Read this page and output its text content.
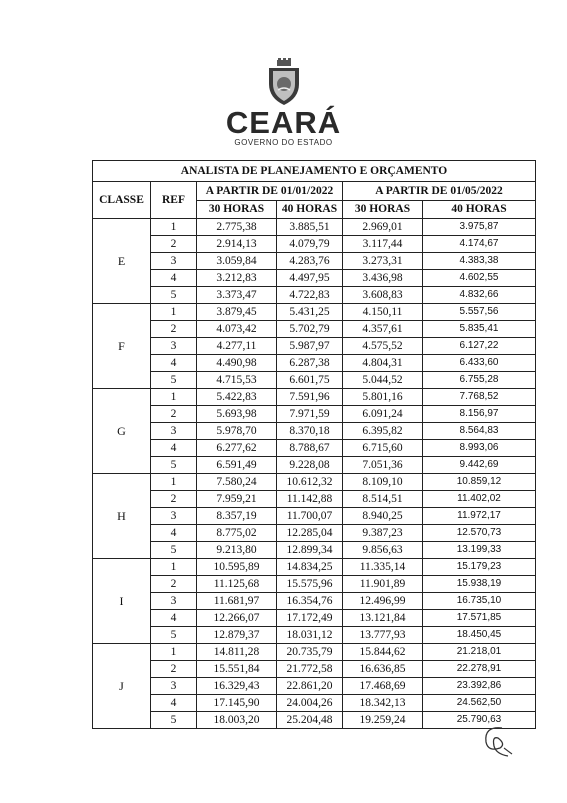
CEARÁ
GOVERNO DO ESTADO
ANALISTA DE PLANEJAMENTO E ORÇAMENTO					
CLASSE	REF	A PARTIR DE 01/01/2022		A PARTIR DE 01/05/2022	
		30 HORAS	40 HORAS	30 HORAS	40 HORAS
E	1	2.775,38	3.885,51	2.969,01	3.975,87
	2	2.914,13	4.079,79	3.117,44	4.174,67
	3	3.059,84	4.283,76	3.273,31	4.383,38
	4	3.212,83	4.497,95	3.436,98	4.602,55
	5	3.373,47	4.722,83	3.608,83	4.832,66
F	1	3.879,45	5.431,25	4.150,11	5.557,56
	2	4.073,42	5.702,79	4.357,61	5.835,41
	3	4.277,11	5.987,97	4.575,52	6.127,22
	4	4.490,98	6.287,38	4.804,31	6.433,60
	5	4.715,53	6.601,75	5.044,52	6.755,28
G	1	5.422,83	7.591,96	5.801,16	7.768,52
	2	5.693,98	7.971,59	6.091,24	8.156,97
	3	5.978,70	8.370,18	6.395,82	8.564,83
	4	6.277,62	8.788,67	6.715,60	8.993,06
	5	6.591,49	9.228,08	7.051,36	9.442,69
H	1	7.580,24	10.612,32	8.109,10	10.859,12
	2	7.959,21	11.142,88	8.514,51	11.402,02
	3	8.357,19	11.700,07	8.940,25	11.972,17
	4	8.775,02	12.285,04	9.387,23	12.570,73
	5	9.213,80	12.899,34	9.856,63	13.199,33
I	1	10.595,89	14.834,25	11.335,14	15.179,23
	2	11.125,68	15.575,96	11.901,89	15.938,19
	3	11.681,97	16.354,76	12.496,99	16.735,10
	4	12.266,07	17.172,49	13.121,84	17.571,85
	5	12.879,37	18.031,12	13.777,93	18.450,45
J	1	14.811,28	20.735,79	15.844,62	21.218,01
	2	15.551,84	21.772,58	16.636,85	22.278,91
	3	16.329,43	22.861,20	17.468,69	23.392,86
	4	17.145,90	24.004,26	18.342,13	24.562,50
	5	18.003,20	25.204,48	19.259,24	25.790,63
